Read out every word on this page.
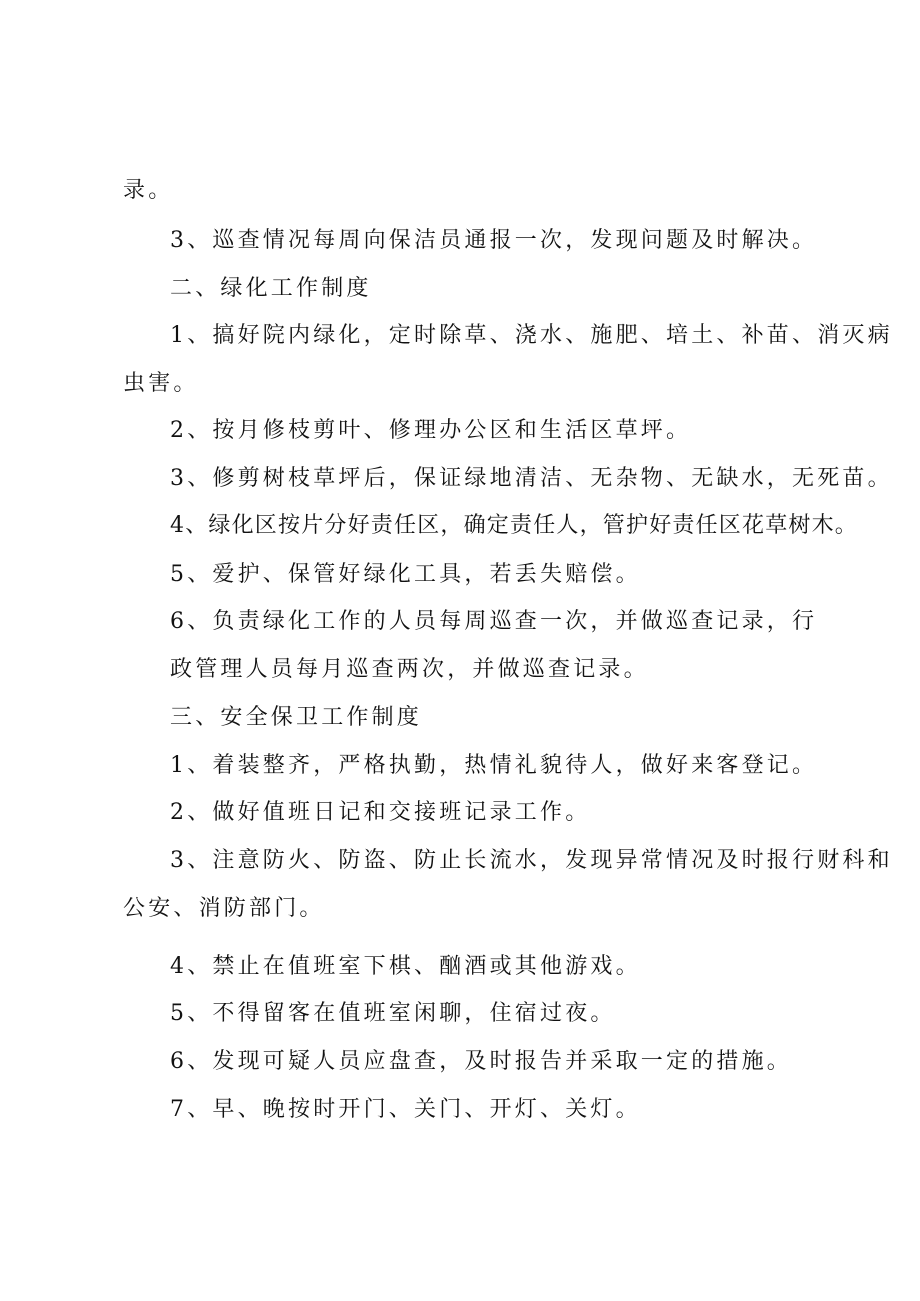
录。
3、巡查情况每周向保洁员通报一次，发现问题及时解决。
二、绿化工作制度
1、搞好院内绿化，定时除草、浇水、施肥、培土、补苗、消灭病
虫害。
2、按月修枝剪叶、修理办公区和生活区草坪。
3、修剪树枝草坪后，保证绿地清洁、无杂物、无缺水，无死苗。
4、绿化区按片分好责任区，确定责任人，管护好责任区花草树木。
5、爱护、保管好绿化工具，若丢失赔偿。
6、负责绿化工作的人员每周巡查一次，并做巡查记录，行
政管理人员每月巡查两次，并做巡查记录。
三、安全保卫工作制度
1、着装整齐，严格执勤，热情礼貌待人，做好来客登记。
2、做好值班日记和交接班记录工作。
3、注意防火、防盗、防止长流水，发现异常情况及时报行财科和
公安、消防部门。
4、禁止在值班室下棋、酗酒或其他游戏。
5、不得留客在值班室闲聊，住宿过夜。
6、发现可疑人员应盘查，及时报告并采取一定的措施。
7、早、晚按时开门、关门、开灯、关灯。
